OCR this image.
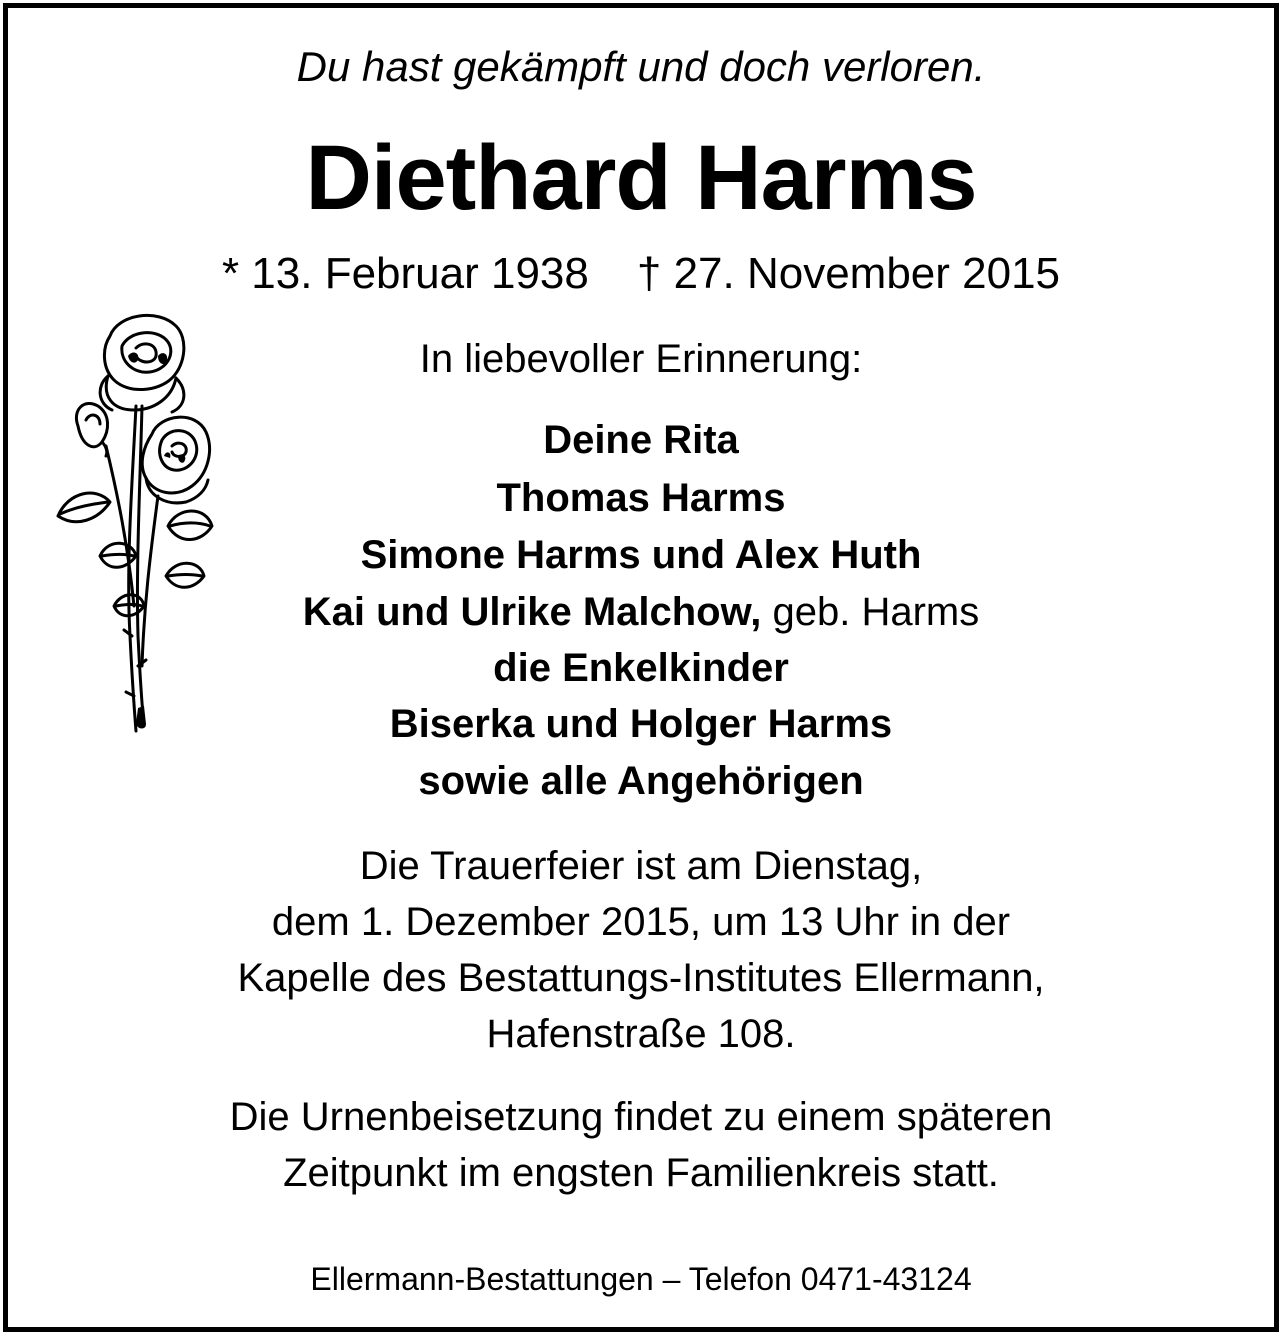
Du hast gekämpft und doch verloren.
Diethard Harms
* 13. Februar 1938 † 27. November 2015
In liebevoller Erinnerung:
Deine Rita
Thomas Harms
Simone Harms und Alex Huth
Kai und Ulrike Malchow, geb. Harms
die Enkelkinder
Biserka und Holger Harms
sowie alle Angehörigen
Die Trauerfeier ist am Dienstag,
dem 1. Dezember 2015, um 13 Uhr in der
Kapelle des Bestattungs-Institutes Ellermann,
Hafenstraße 108.
Die Urnenbeisetzung findet zu einem späteren
Zeitpunkt im engsten Familienkreis statt.
Ellermann-Bestattungen – Telefon 0471-43124
